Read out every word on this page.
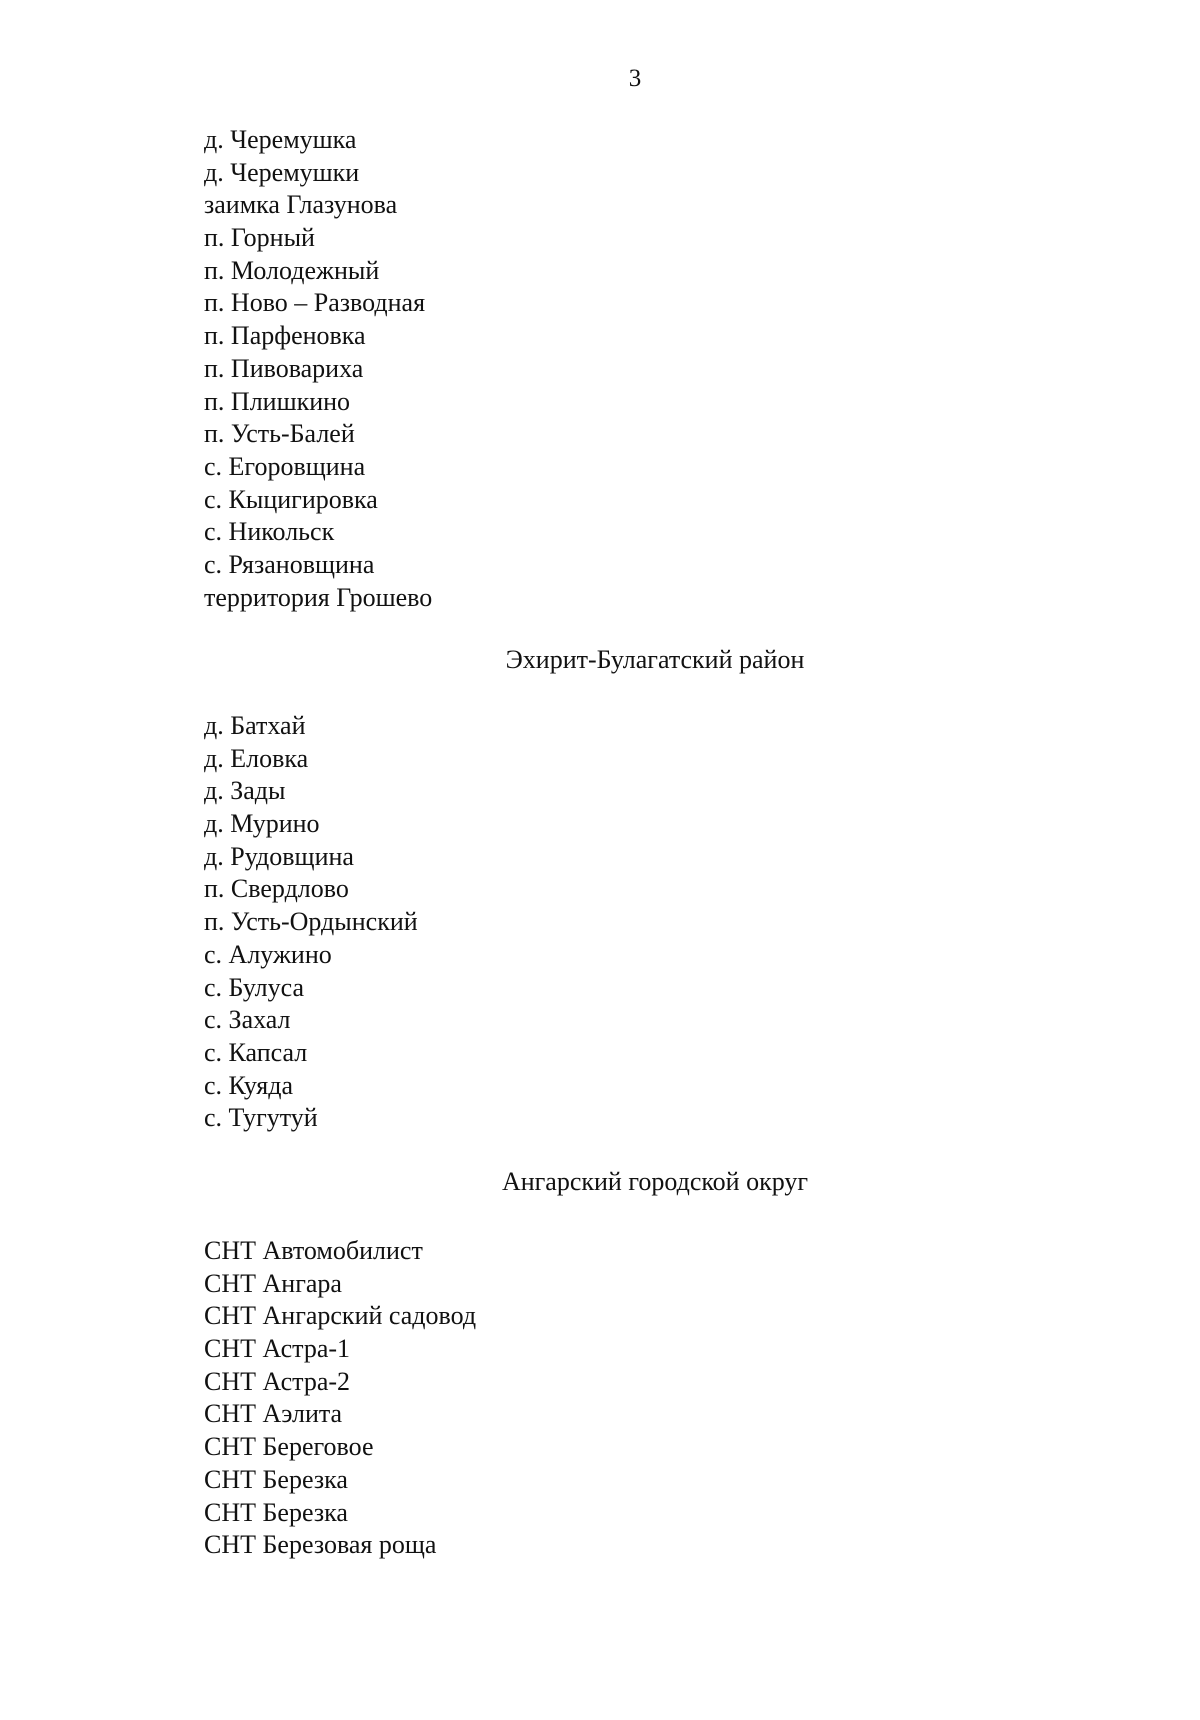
3
д. Черемушка
д. Черемушки
заимка Глазунова
п. Горный
п. Молодежный
п. Ново – Разводная
п. Парфеновка
п. Пивовариха
п. Плишкино
п. Усть-Балей
с. Егоровщина
с. Кыцигировка
с. Никольск
с. Рязановщина
территория Грошево
Эхирит-Булагатский район
д. Батхай
д. Еловка
д. Зады
д. Мурино
д. Рудовщина
п. Свердлово
п. Усть-Ордынский
с. Алужино
с. Булуса
с. Захал
с. Капсал
с. Куяда
с. Тугутуй
Ангарский городской округ
СНТ Автомобилист
СНТ Ангара
СНТ Ангарский садовод
СНТ Астра-1
СНТ Астра-2
СНТ Аэлита
СНТ Береговое
СНТ Березка
СНТ Березка
СНТ Березовая роща
